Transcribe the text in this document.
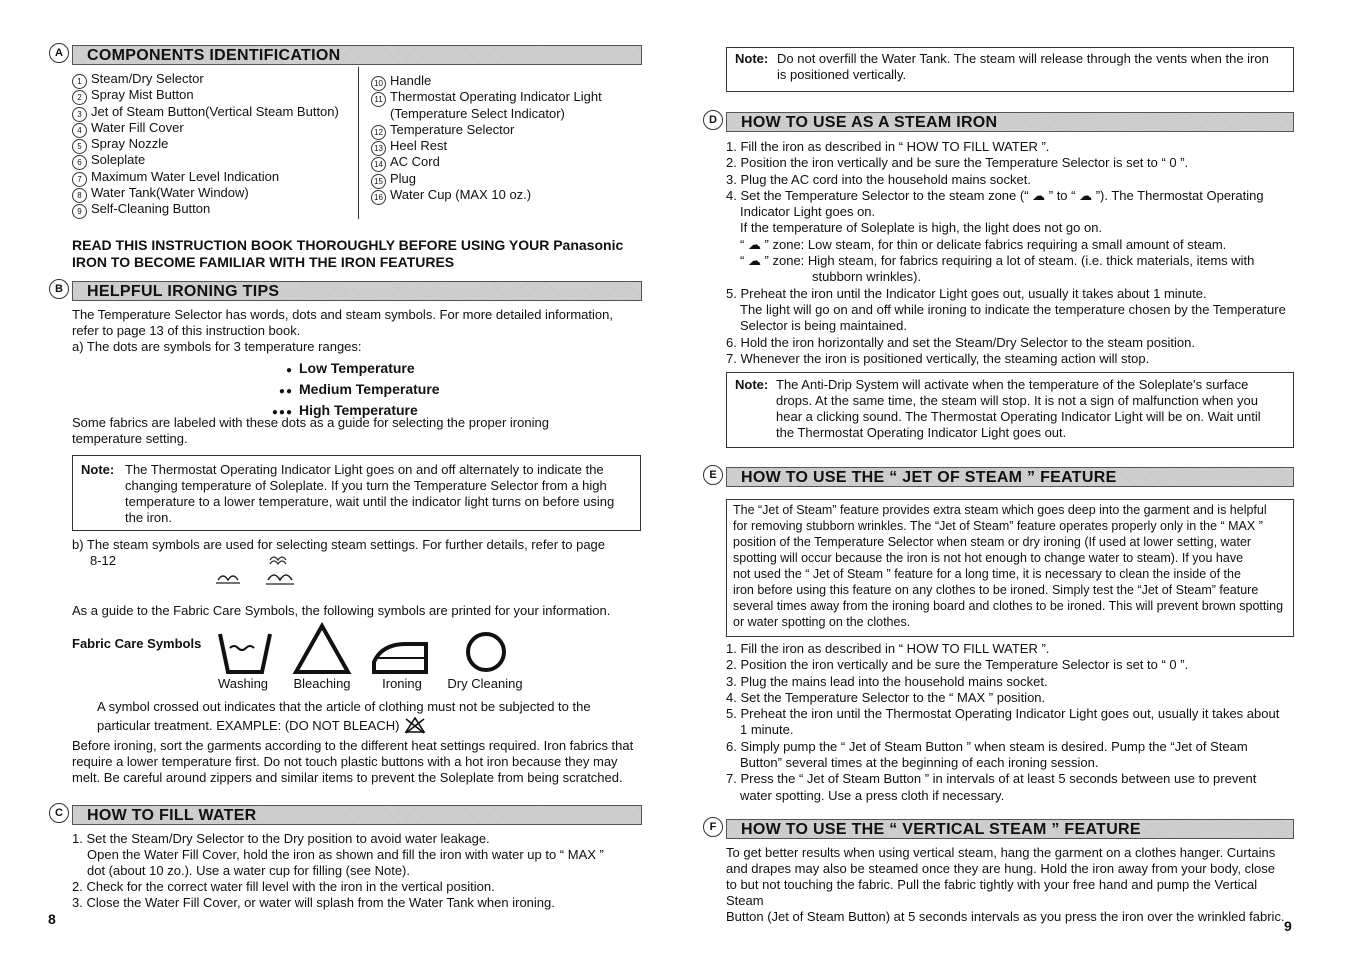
A	COMPONENTS IDENTIFICATION
1 Steam/Dry Selector
2 Spray Mist Button
3 Jet of Steam Button(Vertical Steam Button)
4 Water Fill Cover
5 Spray Nozzle
6 Soleplate
7 Maximum Water Level Indication
8 Water Tank(Water Window)
9 Self-Cleaning Button
10 Handle
11 Thermostat Operating Indicator Light
(Temperature Select Indicator)
12 Temperature Selector
13 Heel Rest
14 AC Cord
15 Plug
16 Water Cup (MAX 10 oz.)
READ THIS INSTRUCTION BOOK THOROUGHLY BEFORE USING YOUR Panasonic
IRON TO BECOME FAMILIAR WITH THE IRON FEATURES
B	HELPFUL IRONING TIPS
The Temperature Selector has words, dots and steam symbols. For more detailed information,
refer to page 13 of this instruction book.
a) The dots are symbols for 3 temperature ranges:
● Low Temperature
●● Medium Temperature
●●● High Temperature
Some fabrics are labeled with these dots as a guide for selecting the proper ironing
temperature setting.
Note: The Thermostat Operating Indicator Light goes on and off alternately to indicate the
changing temperature of Soleplate. If you turn the Temperature Selector from a high
temperature to a lower temperature, wait until the indicator light turns on before using
the iron.
b) The steam symbols are used for selecting steam settings. For further details, refer to page
8-12
As a guide to the Fabric Care Symbols, the following symbols are printed for your information.
Fabric Care Symbols
Washing	Bleaching	Ironing	Dry Cleaning
A symbol crossed out indicates that the article of clothing must not be subjected to the
particular treatment. EXAMPLE: (DO NOT BLEACH)
Before ironing, sort the garments according to the different heat settings required. Iron fabrics that
require a lower temperature first. Do not touch plastic buttons with a hot iron because they may
melt. Be careful around zippers and similar items to prevent the Soleplate from being scratched.
C	HOW TO FILL WATER
1. Set the Steam/Dry Selector to the Dry position to avoid water leakage.
Open the Water Fill Cover, hold the iron as shown and fill the iron with water up to “ MAX ”
dot (about 10 zo.). Use a water cup for filling (see Note).
2. Check for the correct water fill level with the iron in the vertical position.
3. Close the Water Fill Cover, or water will splash from the Water Tank when ironing.
8
Note: Do not overfill the Water Tank. The steam will release through the vents when the iron
is positioned vertically.
D	HOW TO USE AS A STEAM IRON
1. Fill the iron as described in “ HOW TO FILL WATER ”.
2. Position the iron vertically and be sure the Temperature Selector is set to “ 0 ”.
3. Plug the AC cord into the household mains socket.
4. Set the Temperature Selector to the steam zone (“ ☁ ” to “ ☁ ”). The Thermostat Operating
Indicator Light goes on.
If the temperature of Soleplate is high, the light does not go on.
“ ☁ ” zone: Low steam, for thin or delicate fabrics requiring a small amount of steam.
“ ☁ ” zone: High steam, for fabrics requiring a lot of steam. (i.e. thick materials, items with
stubborn wrinkles).
5. Preheat the iron until the Indicator Light goes out, usually it takes about 1 minute.
The light will go on and off while ironing to indicate the temperature chosen by the Temperature
Selector is being maintained.
6. Hold the iron horizontally and set the Steam/Dry Selector to the steam position.
7. Whenever the iron is positioned vertically, the steaming action will stop.
Note: The Anti-Drip System will activate when the temperature of the Soleplate’s surface
drops. At the same time, the steam will stop. It is not a sign of malfunction when you
hear a clicking sound. The Thermostat Operating Indicator Light will be on. Wait until
the Thermostat Operating Indicator Light goes out.
E	HOW TO USE THE “ JET OF STEAM ” FEATURE
The “Jet of Steam” feature provides extra steam which goes deep into the garment and is helpful
for removing stubborn wrinkles. The “Jet of Steam” feature operates properly only in the “ MAX ”
position of the Temperature Selector when steam or dry ironing (If used at lower setting, water
spotting will occur because the iron is not hot enough to change water to steam). If you have
not used the “ Jet of Steam ” feature for a long time, it is necessary to clean the inside of the
iron before using this feature on any clothes to be ironed. Simply test the “Jet of Steam” feature
several times away from the ironing board and clothes to be ironed. This will prevent brown spotting
or water spotting on the clothes.
1. Fill the iron as described in “ HOW TO FILL WATER ”.
2. Position the iron vertically and be sure the Temperature Selector is set to “ 0 ”.
3. Plug the mains lead into the household mains socket.
4. Set the Temperature Selector to the “ MAX ” position.
5. Preheat the iron until the Thermostat Operating Indicator Light goes out, usually it takes about
1 minute.
6. Simply pump the “ Jet of Steam Button ” when steam is desired. Pump the “Jet of Steam
Button” several times at the beginning of each ironing session.
7. Press the “ Jet of Steam Button ” in intervals of at least 5 seconds between use to prevent
water spotting. Use a press cloth if necessary.
F	HOW TO USE THE “ VERTICAL STEAM ” FEATURE
To get better results when using vertical steam, hang the garment on a clothes hanger. Curtains
and drapes may also be steamed once they are hung. Hold the iron away from your body, close
to but not touching the fabric. Pull the fabric tightly with your free hand and pump the Vertical Steam
Button (Jet of Steam Button) at 5 seconds intervals as you press the iron over the wrinkled fabric.
9
